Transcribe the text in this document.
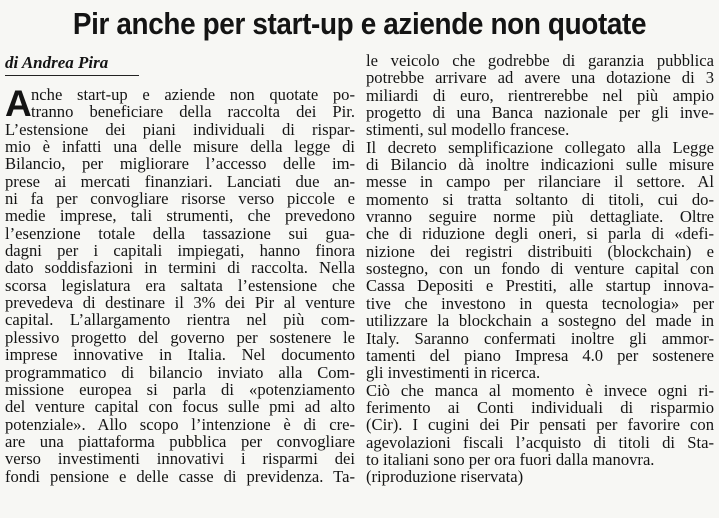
Pir anche per start-up e aziende non quotate
di Andrea Pira
A nche start-up e aziende non quotate po-
tranno beneficiare della raccolta dei Pir.
L’estensione dei piani individuali di rispar-
mio è infatti una delle misure della legge di
Bilancio, per migliorare l’accesso delle im-
prese ai mercati finanziari. Lanciati due an-
ni fa per convogliare risorse verso piccole e
medie imprese, tali strumenti, che prevedono
l’esenzione totale della tassazione sui gua-
dagni per i capitali impiegati, hanno finora
dato soddisfazioni in termini di raccolta. Nella
scorsa legislatura era saltata l’estensione che
prevedeva di destinare il 3% dei Pir al venture
capital. L’allargamento rientra nel più com-
plessivo progetto del governo per sostenere le
imprese innovative in Italia. Nel documento
programmatico di bilancio inviato alla Com-
missione europea si parla di «potenziamento
del venture capital con focus sulle pmi ad alto
potenziale». Allo scopo l’intenzione è di cre-
are una piattaforma pubblica per convogliare
verso investimenti innovativi i risparmi dei
fondi pensione e delle casse di previdenza. Ta-
le veicolo che godrebbe di garanzia pubblica
potrebbe arrivare ad avere una dotazione di 3
miliardi di euro, rientrerebbe nel più ampio
progetto di una Banca nazionale per gli inve-
stimenti, sul modello francese.
Il decreto semplificazione collegato alla Legge
di Bilancio dà inoltre indicazioni sulle misure
messe in campo per rilanciare il settore. Al
momento si tratta soltanto di titoli, cui do-
vranno seguire norme più dettagliate. Oltre
che di riduzione degli oneri, si parla di «defi-
nizione dei registri distribuiti (blockchain) e
sostegno, con un fondo di venture capital con
Cassa Depositi e Prestiti, alle startup innova-
tive che investono in questa tecnologia» per
utilizzare la blockchain a sostegno del made in
Italy. Saranno confermati inoltre gli ammor-
tamenti del piano Impresa 4.0 per sostenere
gli investimenti in ricerca.
Ciò che manca al momento è invece ogni ri-
ferimento ai Conti individuali di risparmio
(Cir). I cugini dei Pir pensati per favorire con
agevolazioni fiscali l’acquisto di titoli di Sta-
to italiani sono per ora fuori dalla manovra.
(riproduzione riservata)
